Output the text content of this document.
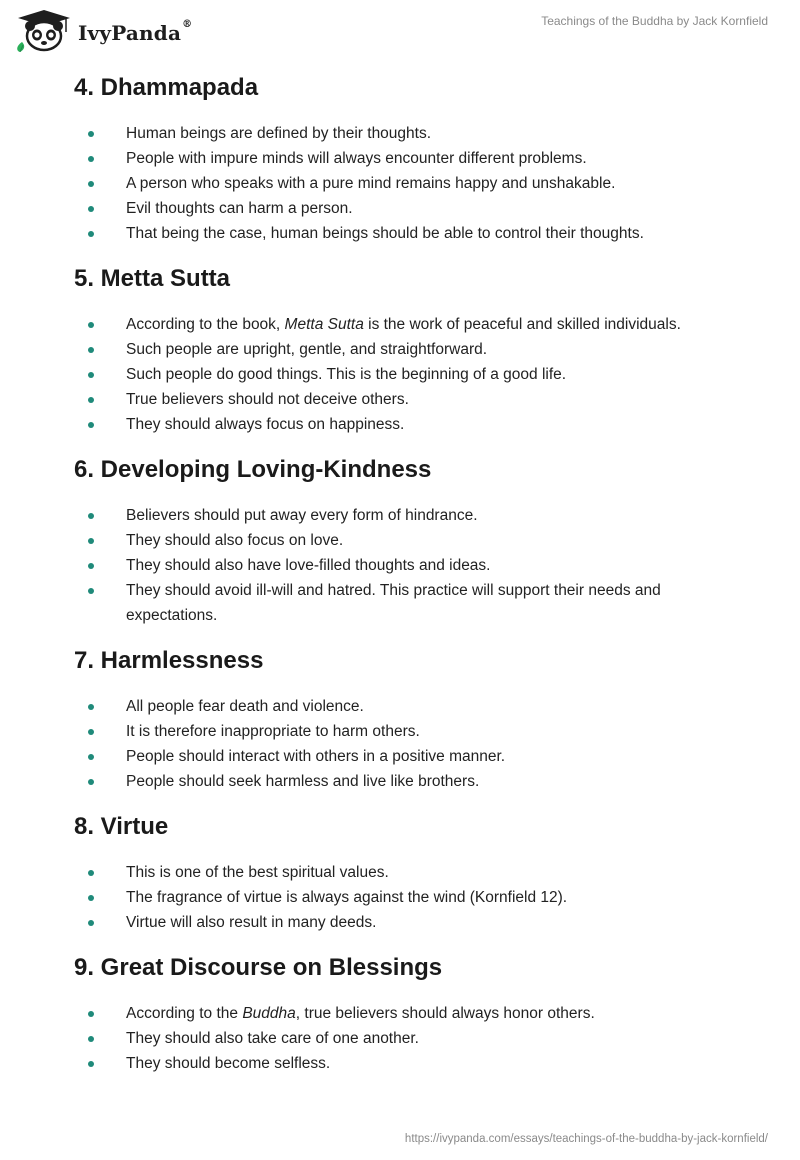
IvyPanda®	Teachings of the Buddha by Jack Kornfield
4. Dhammapada
Human beings are defined by their thoughts.
People with impure minds will always encounter different problems.
A person who speaks with a pure mind remains happy and unshakable.
Evil thoughts can harm a person.
That being the case, human beings should be able to control their thoughts.
5. Metta Sutta
According to the book, Metta Sutta is the work of peaceful and skilled individuals.
Such people are upright, gentle, and straightforward.
Such people do good things. This is the beginning of a good life.
True believers should not deceive others.
They should always focus on happiness.
6. Developing Loving-Kindness
Believers should put away every form of hindrance.
They should also focus on love.
They should also have love-filled thoughts and ideas.
They should avoid ill-will and hatred. This practice will support their needs and expectations.
7. Harmlessness
All people fear death and violence.
It is therefore inappropriate to harm others.
People should interact with others in a positive manner.
People should seek harmless and live like brothers.
8. Virtue
This is one of the best spiritual values.
The fragrance of virtue is always against the wind (Kornfield 12).
Virtue will also result in many deeds.
9. Great Discourse on Blessings
According to the Buddha, true believers should always honor others.
They should also take care of one another.
They should become selfless.
https://ivypanda.com/essays/teachings-of-the-buddha-by-jack-kornfield/
